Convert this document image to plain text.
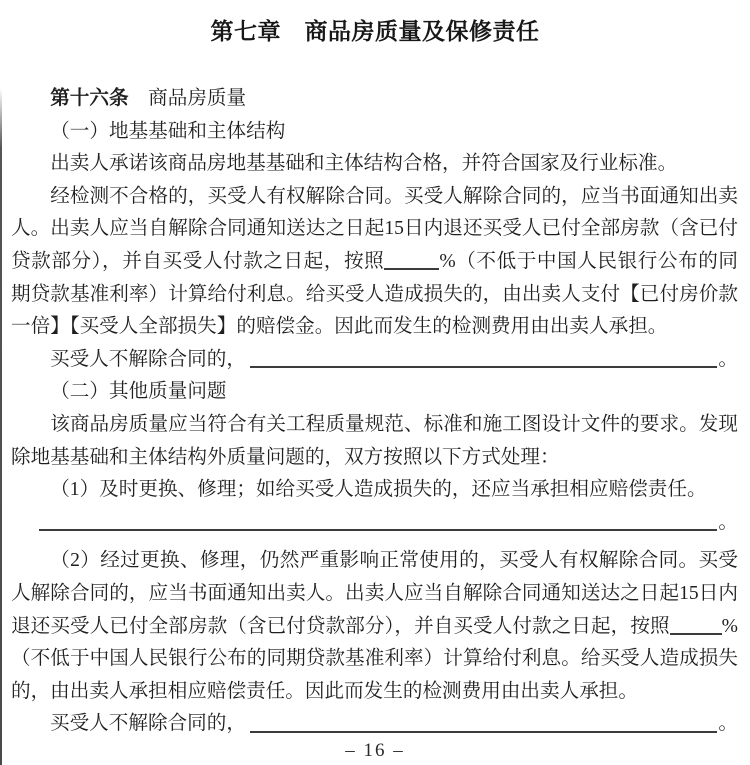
第七章　商品房质量及保修责任
第十六条　商品房质量
（一）地基基础和主体结构
出卖人承诺该商品房地基基础和主体结构合格，并符合国家及行业标准。
经检测不合格的，买受人有权解除合同。买受人解除合同的，应当书面通知出卖人。出卖人应当自解除合同通知送达之日起15日内退还买受人已付全部房款（含已付贷款部分），并自买受人付款之日起，按照	%（不低于中国人民银行公布的同期贷款基准利率）计算给付利息。给买受人造成损失的，由出卖人支付【已付房价款一倍】【买受人全部损失】的赔偿金。因此而发生的检测费用由出卖人承担。
买受人不解除合同的，	。
（二）其他质量问题
该商品房质量应当符合有关工程质量规范、标准和施工图设计文件的要求。发现除地基基础和主体结构外质量问题的，双方按照以下方式处理：
（1）及时更换、修理；如给买受人造成损失的，还应当承担相应赔偿责任。
。
（2）经过更换、修理，仍然严重影响正常使用的，买受人有权解除合同。买受人解除合同的，应当书面通知出卖人。出卖人应当自解除合同通知送达之日起15日内退还买受人已付全部房款（含已付贷款部分），并自买受人付款之日起，按照	%（不低于中国人民银行公布的同期贷款基准利率）计算给付利息。给买受人造成损失的，由出卖人承担相应赔偿责任。因此而发生的检测费用由出卖人承担。
买受人不解除合同的，	。
– 16 –
